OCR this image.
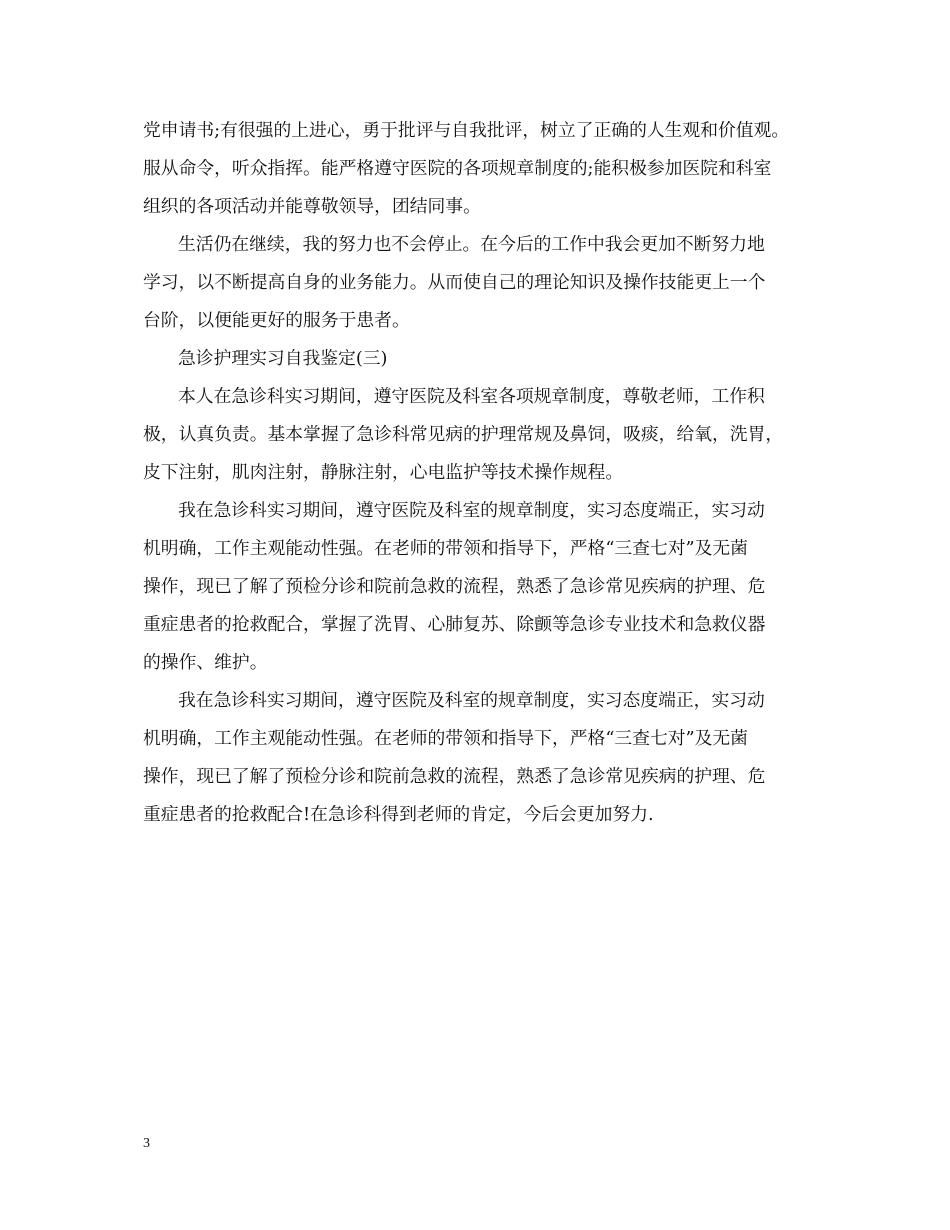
党申请书;有很强的上进心，勇于批评与自我批评，树立了正确的人生观和价值观。
服从命令，听众指挥。能严格遵守医院的各项规章制度的;能积极参加医院和科室
组织的各项活动并能尊敬领导，团结同事。
生活仍在继续，我的努力也不会停止。在今后的工作中我会更加不断努力地
学习，以不断提高自身的业务能力。从而使自己的理论知识及操作技能更上一个
台阶，以便能更好的服务于患者。
急诊护理实习自我鉴定(三)
本人在急诊科实习期间，遵守医院及科室各项规章制度，尊敬老师，工作积
极，认真负责。基本掌握了急诊科常见病的护理常规及鼻饲，吸痰，给氧，洗胃，
皮下注射，肌肉注射，静脉注射，心电监护等技术操作规程。
我在急诊科实习期间，遵守医院及科室的规章制度，实习态度端正，实习动
机明确，工作主观能动性强。在老师的带领和指导下，严格“三查七对”及无菌
操作，现已了解了预检分诊和院前急救的流程，熟悉了急诊常见疾病的护理、危
重症患者的抢救配合，掌握了洗胃、心肺复苏、除颤等急诊专业技术和急救仪器
的操作、维护。
我在急诊科实习期间，遵守医院及科室的规章制度，实习态度端正，实习动
机明确，工作主观能动性强。在老师的带领和指导下，严格“三查七对”及无菌
操作，现已了解了预检分诊和院前急救的流程，熟悉了急诊常见疾病的护理、危
重症患者的抢救配合!在急诊科得到老师的肯定，今后会更加努力.
3
